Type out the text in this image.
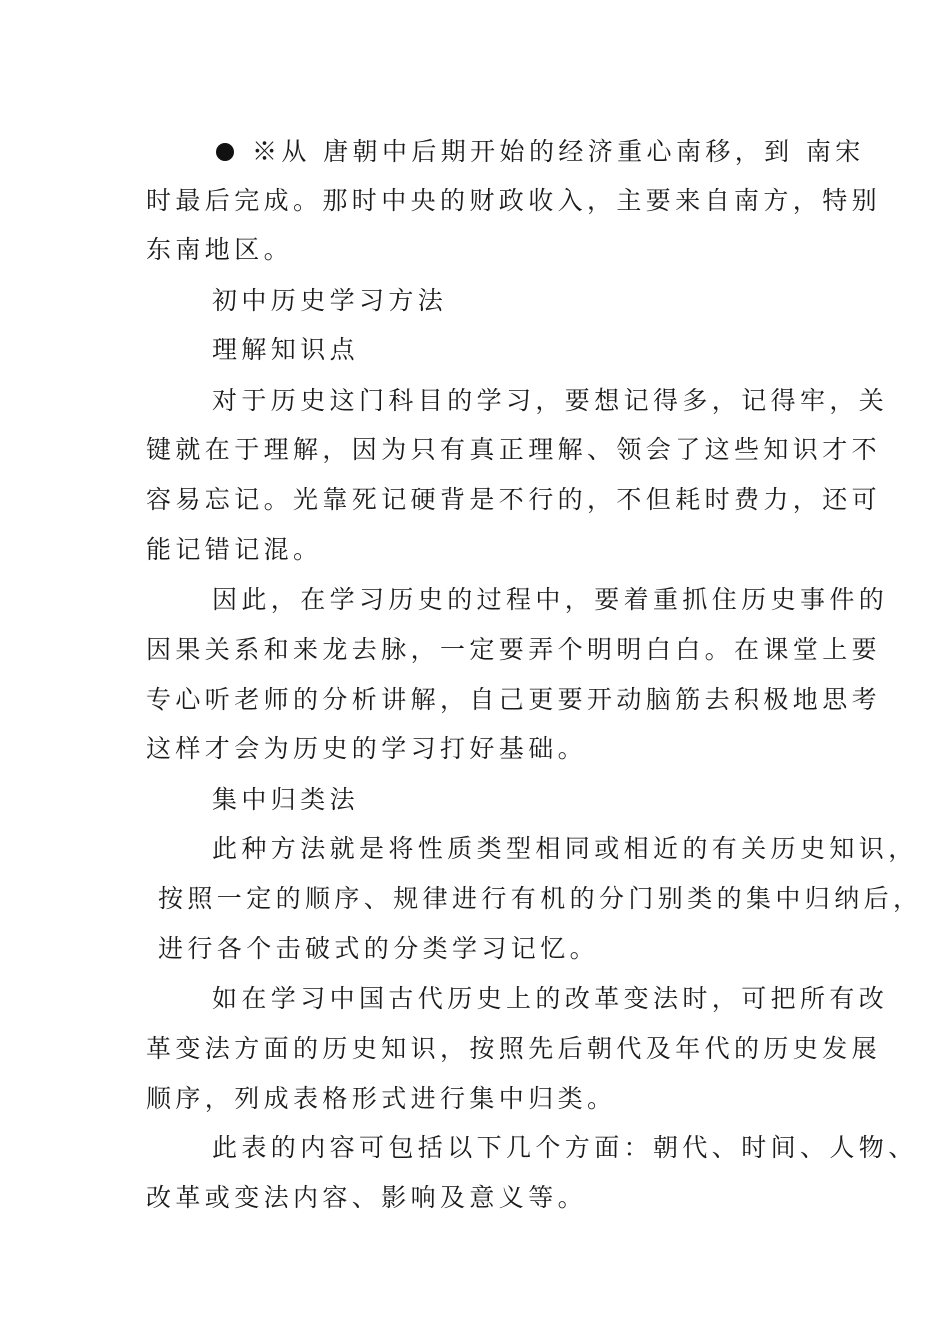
※从 唐朝中后期开始的经济重心南移，到 南宋
时最后完成。那时中央的财政收入，主要来自南方，特别
东南地区。
初中历史学习方法
理解知识点
对于历史这门科目的学习，要想记得多，记得牢，关
键就在于理解，因为只有真正理解、领会了这些知识才不
容易忘记。光靠死记硬背是不行的，不但耗时费力，还可
能记错记混。
因此，在学习历史的过程中，要着重抓住历史事件的
因果关系和来龙去脉，一定要弄个明明白白。在课堂上要
专心听老师的分析讲解，自己更要开动脑筋去积极地思考
这样才会为历史的学习打好基础。
集中归类法
此种方法就是将性质类型相同或相近的有关历史知识，
按照一定的顺序、规律进行有机的分门别类的集中归纳后，
进行各个击破式的分类学习记忆。
如在学习中国古代历史上的改革变法时，可把所有改
革变法方面的历史知识，按照先后朝代及年代的历史发展
顺序，列成表格形式进行集中归类。
此表的内容可包括以下几个方面：朝代、时间、人物、
改革或变法内容、影响及意义等。
